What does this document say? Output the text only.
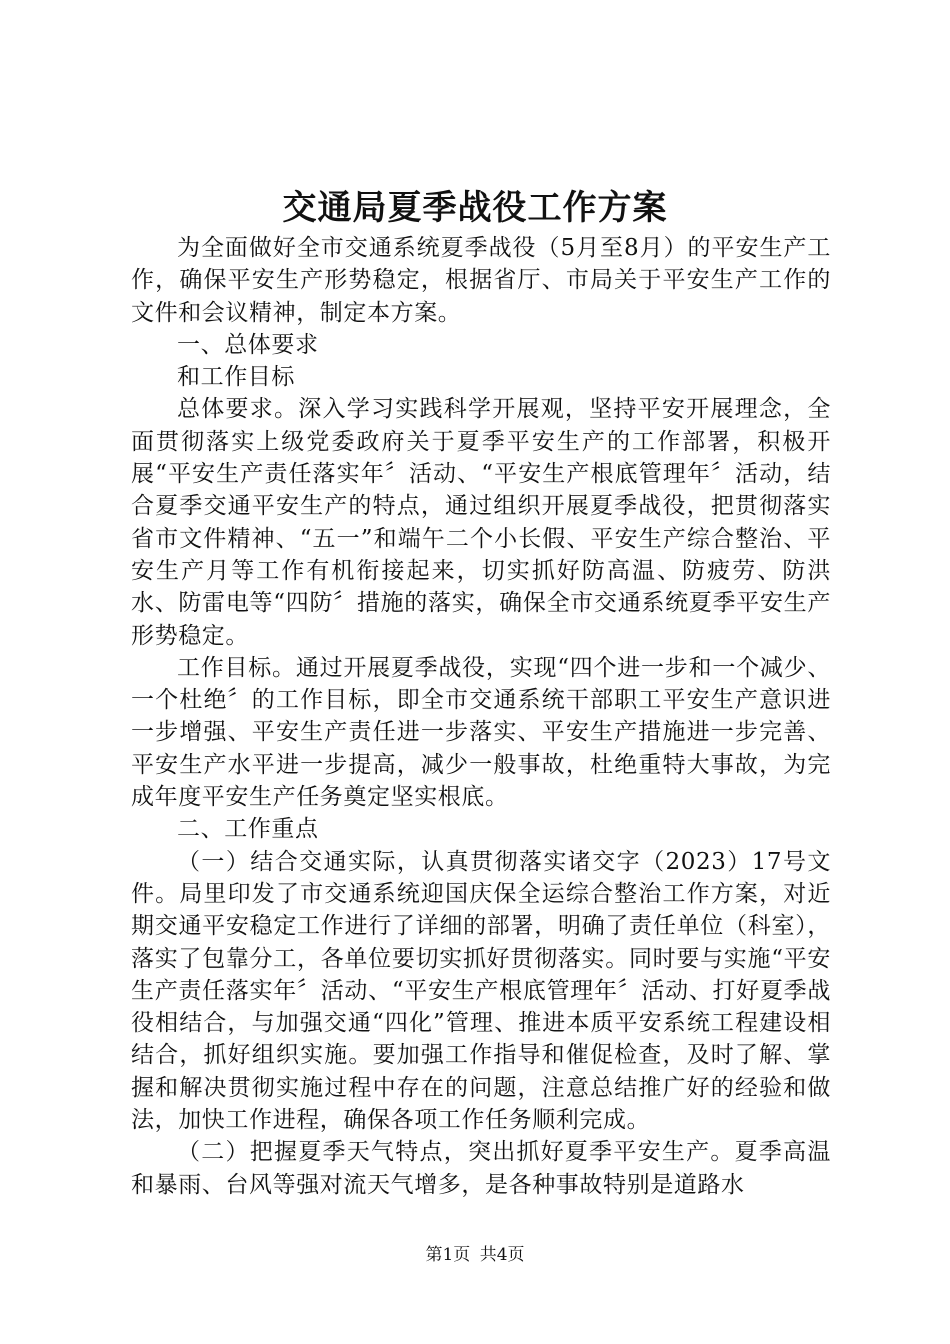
交通局夏季战役工作方案

为全面做好全市交通系统夏季战役（5月至8月）的平安生产工作，确保平安生产形势稳定，根据省厅、市局关于平安生产工作的文件和会议精神，制定本方案。

一、总体要求

和工作目标

总体要求。深入学习实践科学开展观，坚持平安开展理念，全面贯彻落实上级党委政府关于夏季平安生产的工作部署，积极开展“平安生产责任落实年〞活动、“平安生产根底管理年〞活动，结合夏季交通平安生产的特点，通过组织开展夏季战役，把贯彻落实省市文件精神、“五一”和端午二个小长假、平安生产综合整治、平安生产月等工作有机衔接起来，切实抓好防高温、防疲劳、防洪水、防雷电等“四防〞措施的落实，确保全市交通系统夏季平安生产形势稳定。

工作目标。通过开展夏季战役，实现“四个进一步和一个减少、一个杜绝〞的工作目标，即全市交通系统干部职工平安生产意识进一步增强、平安生产责任进一步落实、平安生产措施进一步完善、平安生产水平进一步提高，减少一般事故，杜绝重特大事故，为完成年度平安生产任务奠定坚实根底。

二、工作重点

（一）结合交通实际，认真贯彻落实诸交字（2023）17号文件。局里印发了市交通系统迎国庆保全运综合整治工作方案，对近期交通平安稳定工作进行了详细的部署，明确了责任单位（科室），落实了包靠分工，各单位要切实抓好贯彻落实。同时要与实施“平安生产责任落实年〞活动、“平安生产根底管理年〞活动、打好夏季战役相结合，与加强交通“四化”管理、推进本质平安系统工程建设相结合，抓好组织实施。要加强工作指导和催促检查，及时了解、掌握和解决贯彻实施过程中存在的问题，注意总结推广好的经验和做法，加快工作进程，确保各项工作任务顺利完成。

（二）把握夏季天气特点，突出抓好夏季平安生产。夏季高温和暴雨、台风等强对流天气增多，是各种事故特别是道路水

第1页 共4页
